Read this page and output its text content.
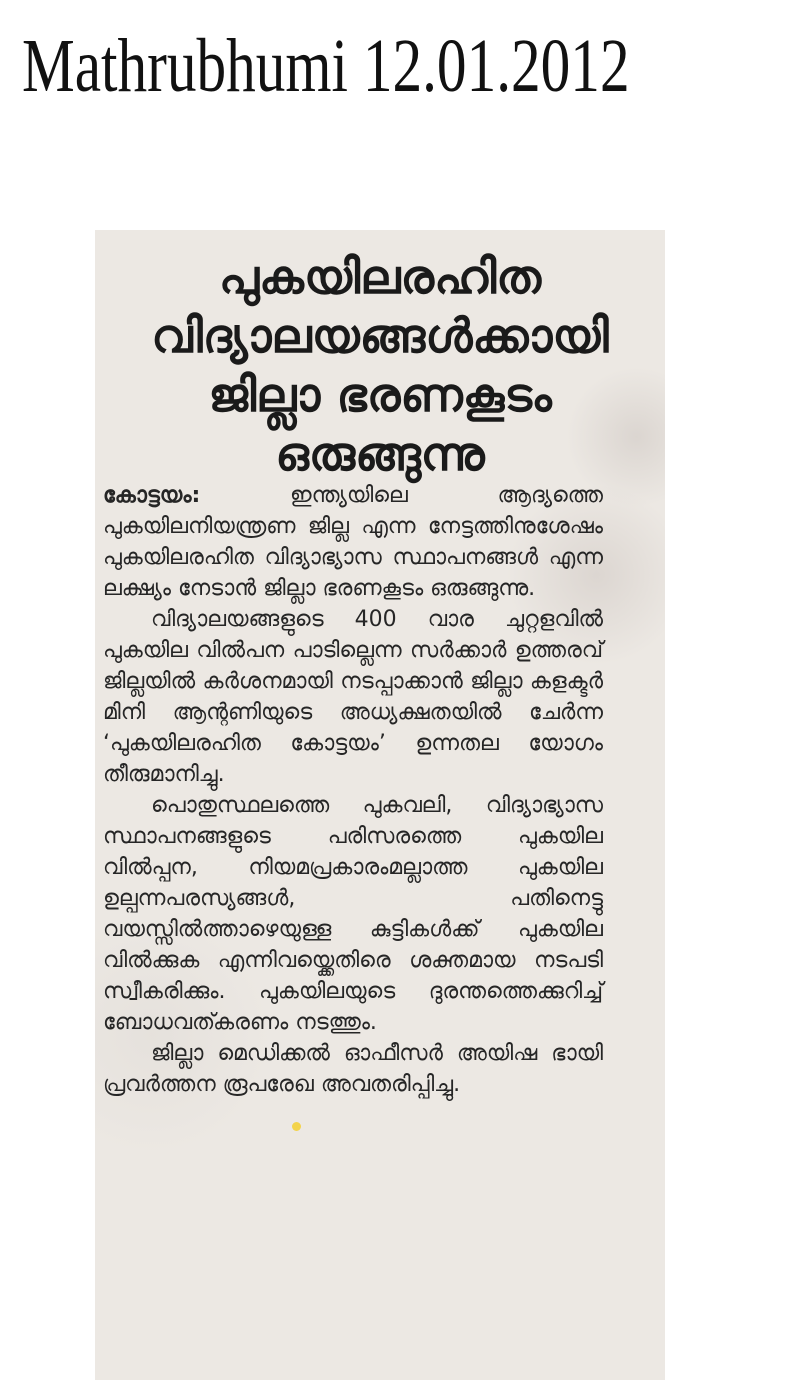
Mathrubhumi 12.01.2012
പുകയിലരഹിത
വിദ്യാലയങ്ങൾക്കായി
ജില്ലാ ഭരണകൂടം
ഒരുങ്ങുന്നു

കോട്ടയം:	ഇന്ത്യയിലെ ആദ്യത്തെ പുകയിലനിയന്ത്രണ ജില്ല എന്ന നേട്ടത്തിനുശേഷം പുകയിലരഹിത വിദ്യാഭ്യാസ സ്ഥാപനങ്ങൾ എന്ന ലക്ഷ്യം നേടാൻ ജില്ലാ ഭരണകൂടം ഒരുങ്ങുന്നു.

വിദ്യാലയങ്ങളുടെ 400 വാര ചുറ്റളവിൽ പുകയില വിൽപന പാടില്ലെന്ന സർക്കാർ ഉത്തരവ് ജില്ലയിൽ കർശനമായി നടപ്പാക്കാൻ ജില്ലാ കളക്ടർ മിനി ആന്റണിയുടെ അധ്യക്ഷതയിൽ ചേർന്ന ‘പുകയിലരഹിത കോട്ടയം’ ഉന്നതല യോഗം തീരുമാനിച്ചു.

പൊതുസ്ഥലത്തെ പുകവലി, വിദ്യാഭ്യാസ സ്ഥാപനങ്ങളുടെ പരിസരത്തെ പുകയില വിൽപ്പന, നിയമപ്രകാരംമല്ലാത്ത പുകയില ഉല്പന്നപരസ്യങ്ങൾ, പതിനെട്ടു വയസ്സിൽത്താഴെയുള്ള കുട്ടികൾക്ക് പുകയില വിൽക്കുക എന്നിവയ്ക്കെതിരെ ശക്തമായ നടപടി സ്വീകരിക്കും. പുകയിലയുടെ ദുരന്തത്തെക്കുറിച്ച് ബോധവത്കരണം നടത്തും.

ജില്ലാ മെഡിക്കൽ ഓഫീസർ അയിഷ ഭായി പ്രവർത്തന രൂപരേഖ അവതരിപ്പിച്ചു.
